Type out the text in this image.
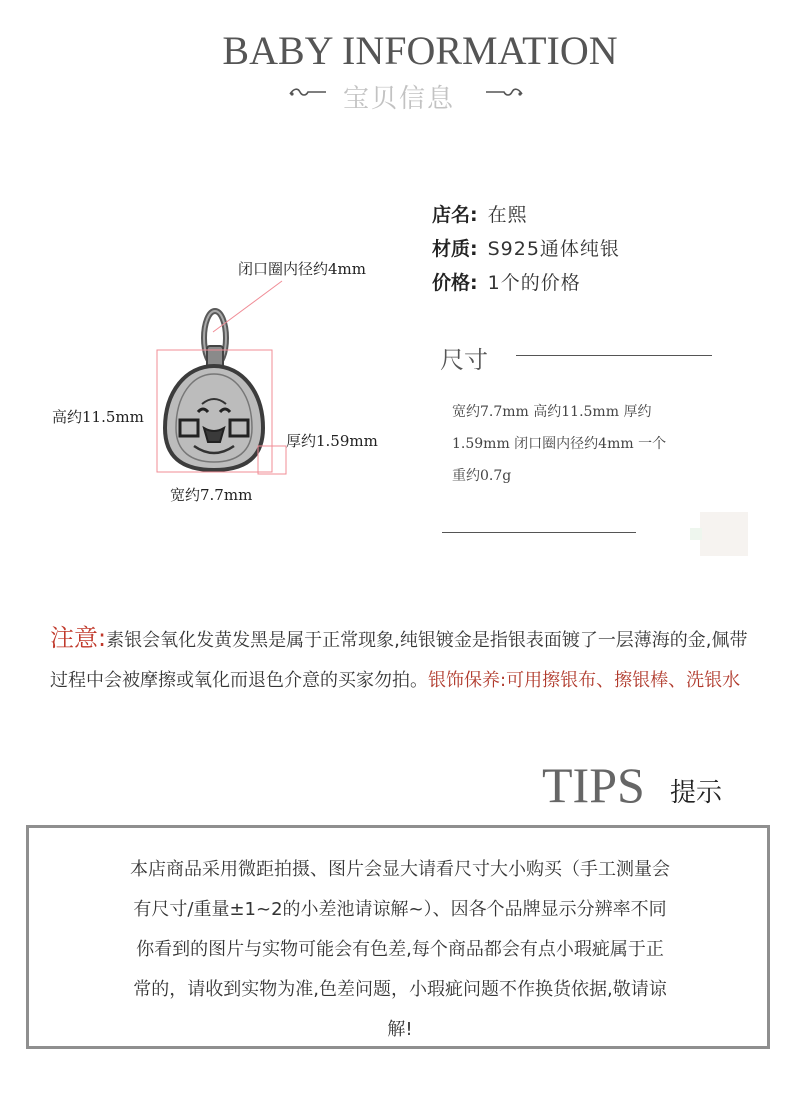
BABY INFORMATION
宝贝信息
店名: 在熙
材质: S925通体纯银
价格: 1个的价格
尺寸
宽约7.7mm 高约11.5mm 厚约
1.59mm 闭口圈内径约4mm 一个
重约0.7g
闭口圈内径约4mm
高约11.5mm
厚约1.59mm
宽约7.7mm
注意:素银会氧化发黄发黑是属于正常现象,纯银镀金是指银表面镀了一层薄海的金,佩带过程中会被摩擦或氧化而退色介意的买家勿拍。银饰保养:可用擦银布、擦银棒、洗银水
TIPS 提示
本店商品采用微距拍摄、图片会显大请看尺寸大小购买（手工测量会
有尺寸/重量±1~2的小差池请谅解~）、因各个品牌显示分辨率不同
你看到的图片与实物可能会有色差,每个商品都会有点小瑕疵属于正
常的，请收到实物为准,色差问题，小瑕疵问题不作换货依据,敬请谅
解!
